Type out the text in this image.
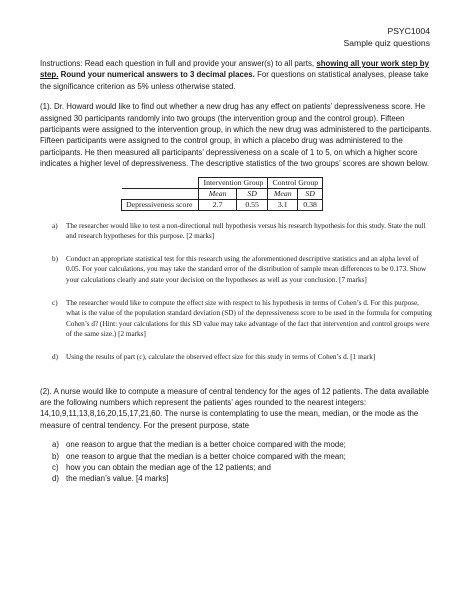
PSYC1004
Sample quiz questions

Instructions: Read each question in full and provide your answer(s) to all parts, showing all your work step by step. Round your numerical answers to 3 decimal places. For questions on statistical analyses, please take the significance criterion as 5% unless otherwise stated.

(1). Dr. Howard would like to find out whether a new drug has any effect on patients’ depressiveness score. He assigned 30 participants randomly into two groups (the intervention group and the control group). Fifteen participants were assigned to the intervention group, in which the new drug was administered to the participants. Fifteen participants were assigned to the control group, in which a placebo drug was administered to the participants. He then measured all participants’ depressiveness on a scale of 1 to 5, on which a higher score indicates a higher level of depressiveness. The descriptive statistics of the two groups’ scores are shown below.

	Intervention Group		Control Group	
	Mean	SD	Mean	SD
Depressiveness score	2.7	0.55	3.1	0.38
a)	The researcher would like to test a non-directional null hypothesis versus his research hypothesis for this study. State the null and research hypotheses for this purpose. [2 marks]
b)	Conduct an appropriate statistical test for this research using the aforementioned descriptive statistics and an alpha level of 0.05. For your calculations, you may take the standard error of the distribution of sample mean differences to be 0.173. Show your calculations clearly and state your decision on the hypotheses as well as your conclusion. [7 marks]
c)	The researcher would like to compute the effect size with respect to his hypothesis in terms of Cohen’s d. For this purpose, what is the value of the population standard deviation (SD) of the depressiveness score to be used in the formula for computing Cohen’s d? (Hint: your calculations for this SD value may take advantage of the fact that intervention and control groups were of the same size.) [2 marks]
d)	Using the results of part (c), calculate the observed effect size for this study in terms of Cohen’s d. [1 mark]

(2). A nurse would like to compute a measure of central tendency for the ages of 12 patients. The data available are the following numbers which represent the patients’ ages rounded to the nearest integers: 14,10,9,11,13,8,16,20,15,17,21,60. The nurse is contemplating to use the mean, median, or the mode as the measure of central tendency. For the present purpose, state

a) one reason to argue that the median is a better choice compared with the mode;
b) one reason to argue that the median is a better choice compared with the mean;
c) how you can obtain the median age of the 12 patients; and
d) the median’s value. [4 marks]
